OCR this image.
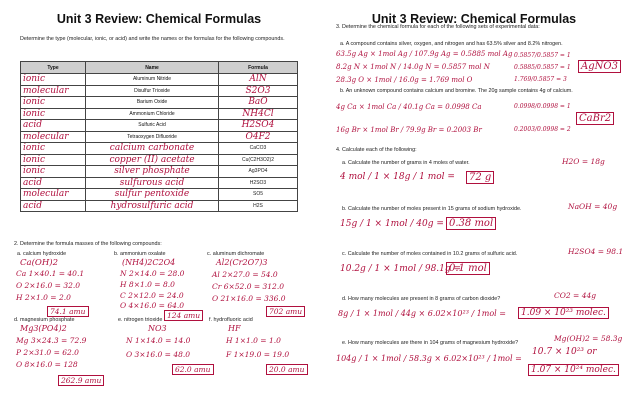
Unit 3 Review: Chemical Formulas
Determine the type (molecular, ionic, or acid) and write the names or the formulas for the following compounds.
Type	Name	Formula
ionic	Aluminum Nitride	AlN
molecular	Disulfur Trioxide	S2O3
ionic	Barium Oxide	BaO
ionic	Ammonium Chloride	NH4Cl
acid	Sulfuric Acid	H2SO4
molecular	Tetraoxygen Difluoride	O4F2
ionic	calcium carbonate	CaCO3
ionic	copper (II) acetate	Cu(C2H3O2)2
ionic	silver phosphate	Ag3PO4
acid	sulfurous acid	H2SO3
molecular	sulfur pentoxide	SO5
acid	hydrosulfuric acid	H2S
2. Determine the formula masses of the following compounds:
a. calcium hydroxide
Ca(OH)2
Ca 1×40.1 = 40.1
O 2×16.0 = 32.0
H 2×1.0 = 2.0
74.1 amu
b. ammonium oxalate
(NH4)2C2O4
N 2×14.0 = 28.0
H 8×1.0 = 8.0
C 2×12.0 = 24.0
O 4×16.0 = 64.0
124 amu
c. aluminum dichromate
Al2(Cr2O7)3
Al 2×27.0 = 54.0
Cr 6×52.0 = 312.0
O 21×16.0 = 336.0
702 amu
d. magnesium phosphate
Mg3(PO4)2
Mg 3×24.3 = 72.9
P 2×31.0 = 62.0
O 8×16.0 = 128
262.9 amu
e. nitrogen trioxide
NO3
N 1×14.0 = 14.0
O 3×16.0 = 48.0
62.0 amu
f. hydrofluoric acid
HF
H 1×1.0 = 1.0
F 1×19.0 = 19.0
20.0 amu
Unit 3 Review: Chemical Formulas
3. Determine the chemical formula for each of the following sets of experimental data:
a. A compound contains silver, oxygen, and nitrogen and has 63.5% silver and 8.2% nitrogen.
63.5g Ag × 1mol Ag / 107.9g Ag = 0.5885 mol Ag
8.2g N × 1mol N / 14.0g N = 0.5857 mol N
28.3g O × 1mol / 16.0g = 1.769 mol O
0.5857/0.5857 = 1
0.5885/0.5857 = 1
1.769/0.5857 = 3
AgNO3
b. An unknown compound contains calcium and bromine. The 20g sample contains 4g of calcium.
4g Ca × 1mol Ca / 40.1g Ca = 0.0998 Ca
16g Br × 1mol Br / 79.9g Br = 0.2003 Br
0.0998/0.0998 = 1
0.2003/0.0998 = 2
CaBr2
4. Calculate each of the following:
a. Calculate the number of grams in 4 moles of water.	H2O = 18g
4 mol / 1 × 18g / 1 mol =	72 g
b. Calculate the number of moles present in 15 grams of sodium hydroxide.	NaOH = 40g
15g / 1 × 1mol / 40g = 0.38 mol
c. Calculate the number of moles contained in 10.2 grams of sulfuric acid.	H2SO4 = 98.1
10.2g / 1 × 1mol / 98.1g =
0.1 mol
d. How many molecules are present in 8 grams of carbon dioxide?	CO2 = 44g
8g / 1 × 1mol / 44g × 6.02×10²³ / 1mol =	1.09 × 10²³ molec.
e. How many molecules are there in 104 grams of magnesium hydroxide?	Mg(OH)2 = 58.3g
104g / 1 × 1mol / 58.3g × 6.02×10²³ / 1mol =
10.7 × 10²³ or
1.07 × 10²⁴ molec.
